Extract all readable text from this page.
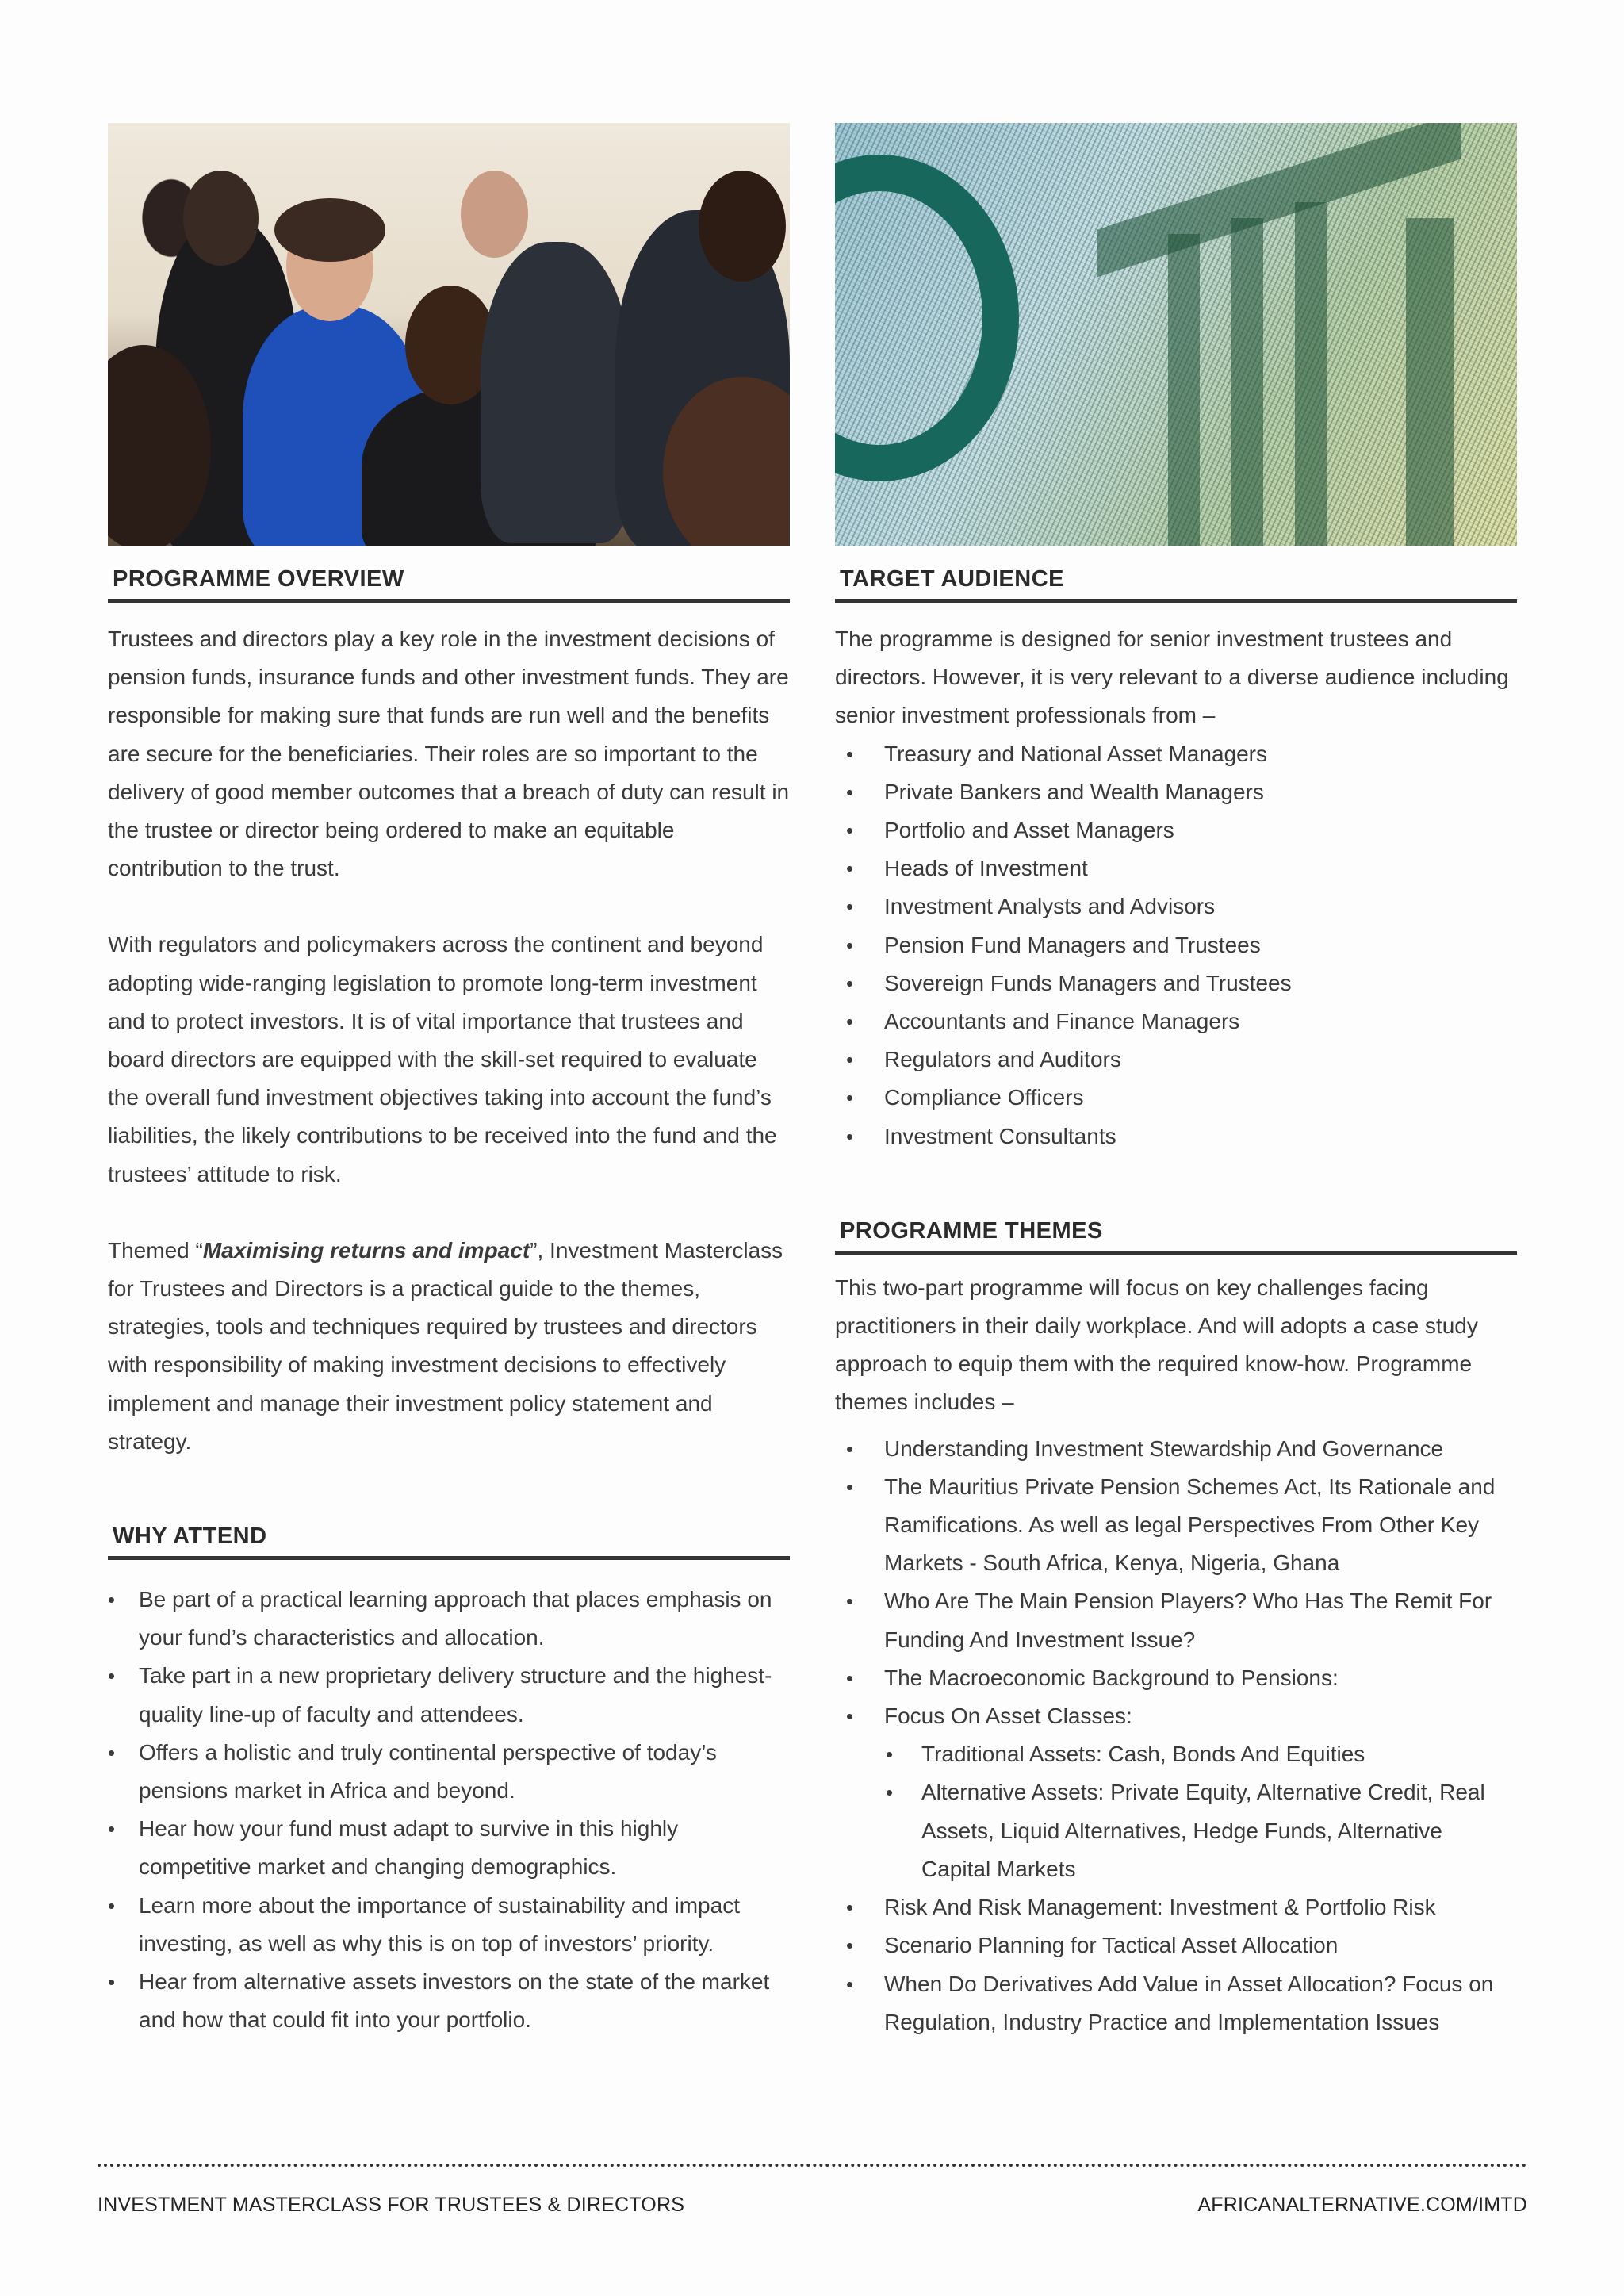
PROGRAMME OVERVIEW

Trustees and directors play a key role in the investment decisions of pension funds, insurance funds and other investment funds. They are responsible for making sure that funds are run well and the benefits are secure for the beneficiaries. Their roles are so important to the delivery of good member outcomes that a breach of duty can result in the trustee or director being ordered to make an equitable contribution to the trust.

With regulators and policymakers across the continent and beyond adopting wide-ranging legislation to promote long-term investment and to protect investors. It is of vital importance that trustees and board directors are equipped with the skill-set required to evaluate the overall fund investment objectives taking into account the fund’s liabilities, the likely contributions to be received into the fund and the trustees’ attitude to risk.

Themed “Maximising returns and impact”, Investment Masterclass for Trustees and Directors is a practical guide to the themes, strategies, tools and techniques required by trustees and directors with responsibility of making investment decisions to effectively implement and manage their investment policy statement and strategy.

WHY ATTEND
• Be part of a practical learning approach that places emphasis on your fund’s characteristics and allocation.
• Take part in a new proprietary delivery structure and the highest-quality line-up of faculty and attendees.
• Offers a holistic and truly continental perspective of today’s pensions market in Africa and beyond.
• Hear how your fund must adapt to survive in this highly competitive market and changing demographics.
• Learn more about the importance of sustainability and impact investing, as well as why this is on top of investors’ priority.
• Hear from alternative assets investors on the state of the market and how that could fit into your portfolio.
TARGET AUDIENCE

The programme is designed for senior investment trustees and directors. However, it is very relevant to a diverse audience including senior investment professionals from –

• Treasury and National Asset Managers
• Private Bankers and Wealth Managers
• Portfolio and Asset Managers
• Heads of Investment
• Investment Analysts and Advisors
• Pension Fund Managers and Trustees
• Sovereign Funds Managers and Trustees
• Accountants and Finance Managers
• Regulators and Auditors
• Compliance Officers
• Investment Consultants
PROGRAMME THEMES

This two-part programme will focus on key challenges facing practitioners in their daily workplace. And will adopts a case study approach to equip them with the required know-how. Programme themes includes –

• Understanding Investment Stewardship And Governance
• The Mauritius Private Pension Schemes Act, Its Rationale and Ramifications. As well as legal Perspectives From Other Key Markets - South Africa, Kenya, Nigeria, Ghana
• Who Are The Main Pension Players? Who Has The Remit For Funding And Investment Issue?
• The Macroeconomic Background to Pensions:
• Focus On Asset Classes:
• Traditional Assets: Cash, Bonds And Equities
• Alternative Assets: Private Equity, Alternative Credit, Real Assets, Liquid Alternatives, Hedge Funds, Alternative Capital Markets
• Risk And Risk Management: Investment & Portfolio Risk
• Scenario Planning for Tactical Asset Allocation
• When Do Derivatives Add Value in Asset Allocation? Focus on Regulation, Industry Practice and Implementation Issues
INVESTMENT MASTERCLASS FOR TRUSTEES & DIRECTORS	AFRICANALTERNATIVE.COM/IMTD
